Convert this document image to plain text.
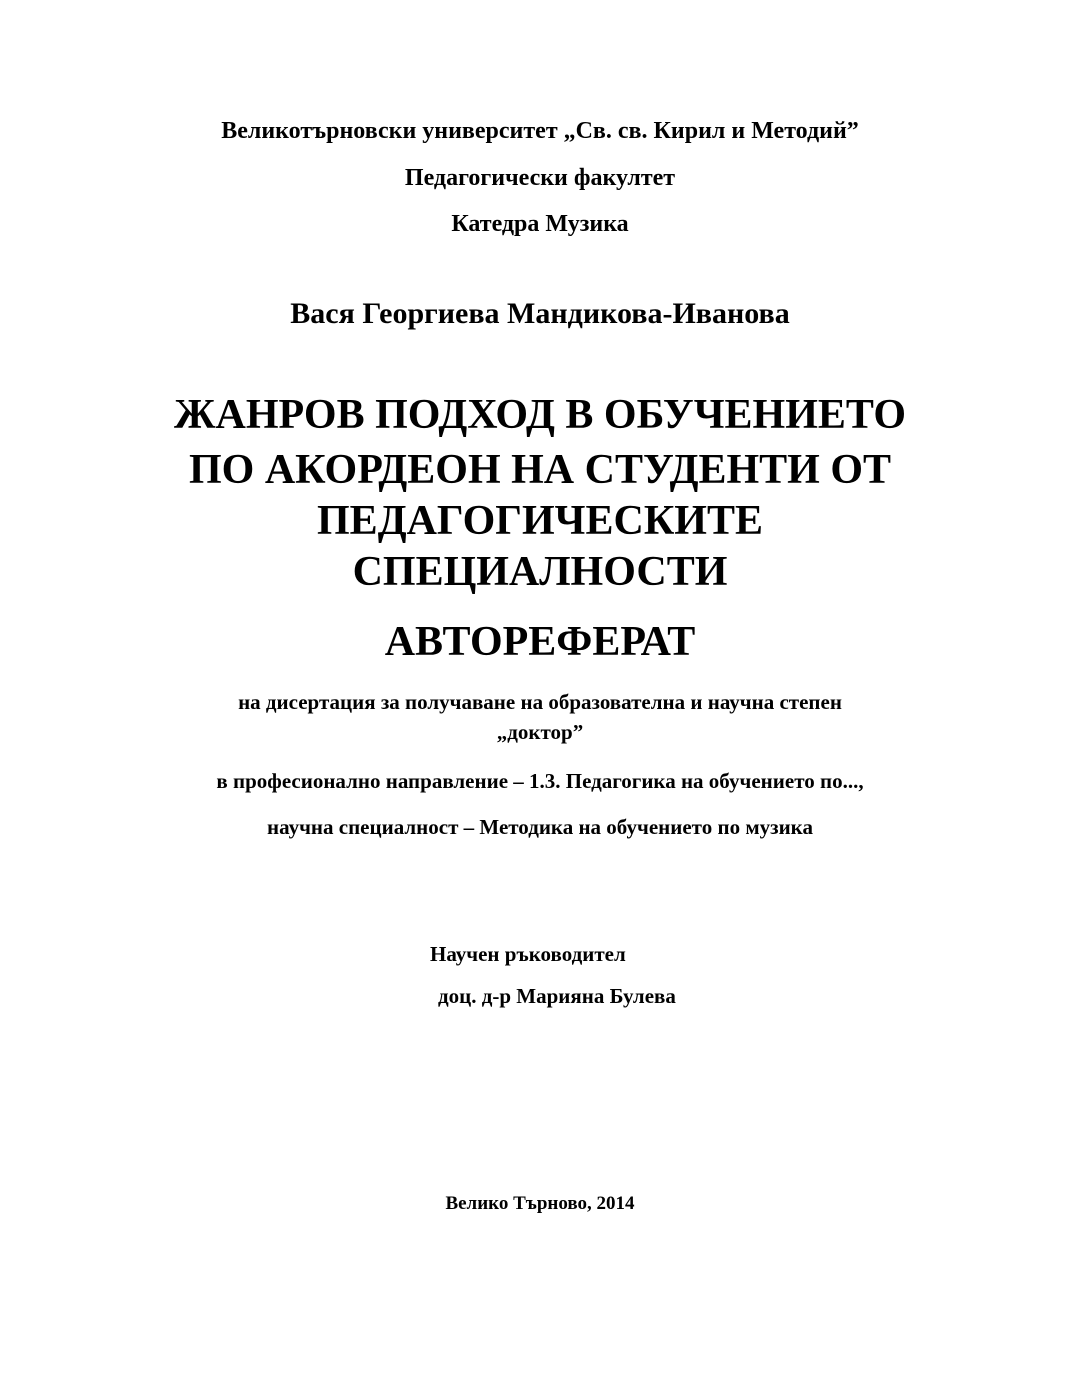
Великотърновски университет „Св. св. Кирил и Методий”
Педагогически факултет
Катедра Музика
Вася Георгиева Мандикова-Иванова
ЖАНРОВ ПОДХОД В ОБУЧЕНИЕТО
ПО АКОРДЕОН НА СТУДЕНТИ ОТ
ПЕДАГОГИЧЕСКИТЕ
СПЕЦИАЛНОСТИ
АВТОРЕФЕРАТ
на дисертация за получаване на образователна и научна степен
„доктор”
в професионално направление – 1.3. Педагогика на обучението по...,
научна специалност – Методика на обучението по музика
Научен ръководител
доц. д-р Марияна Булева
Велико Търново, 2014
